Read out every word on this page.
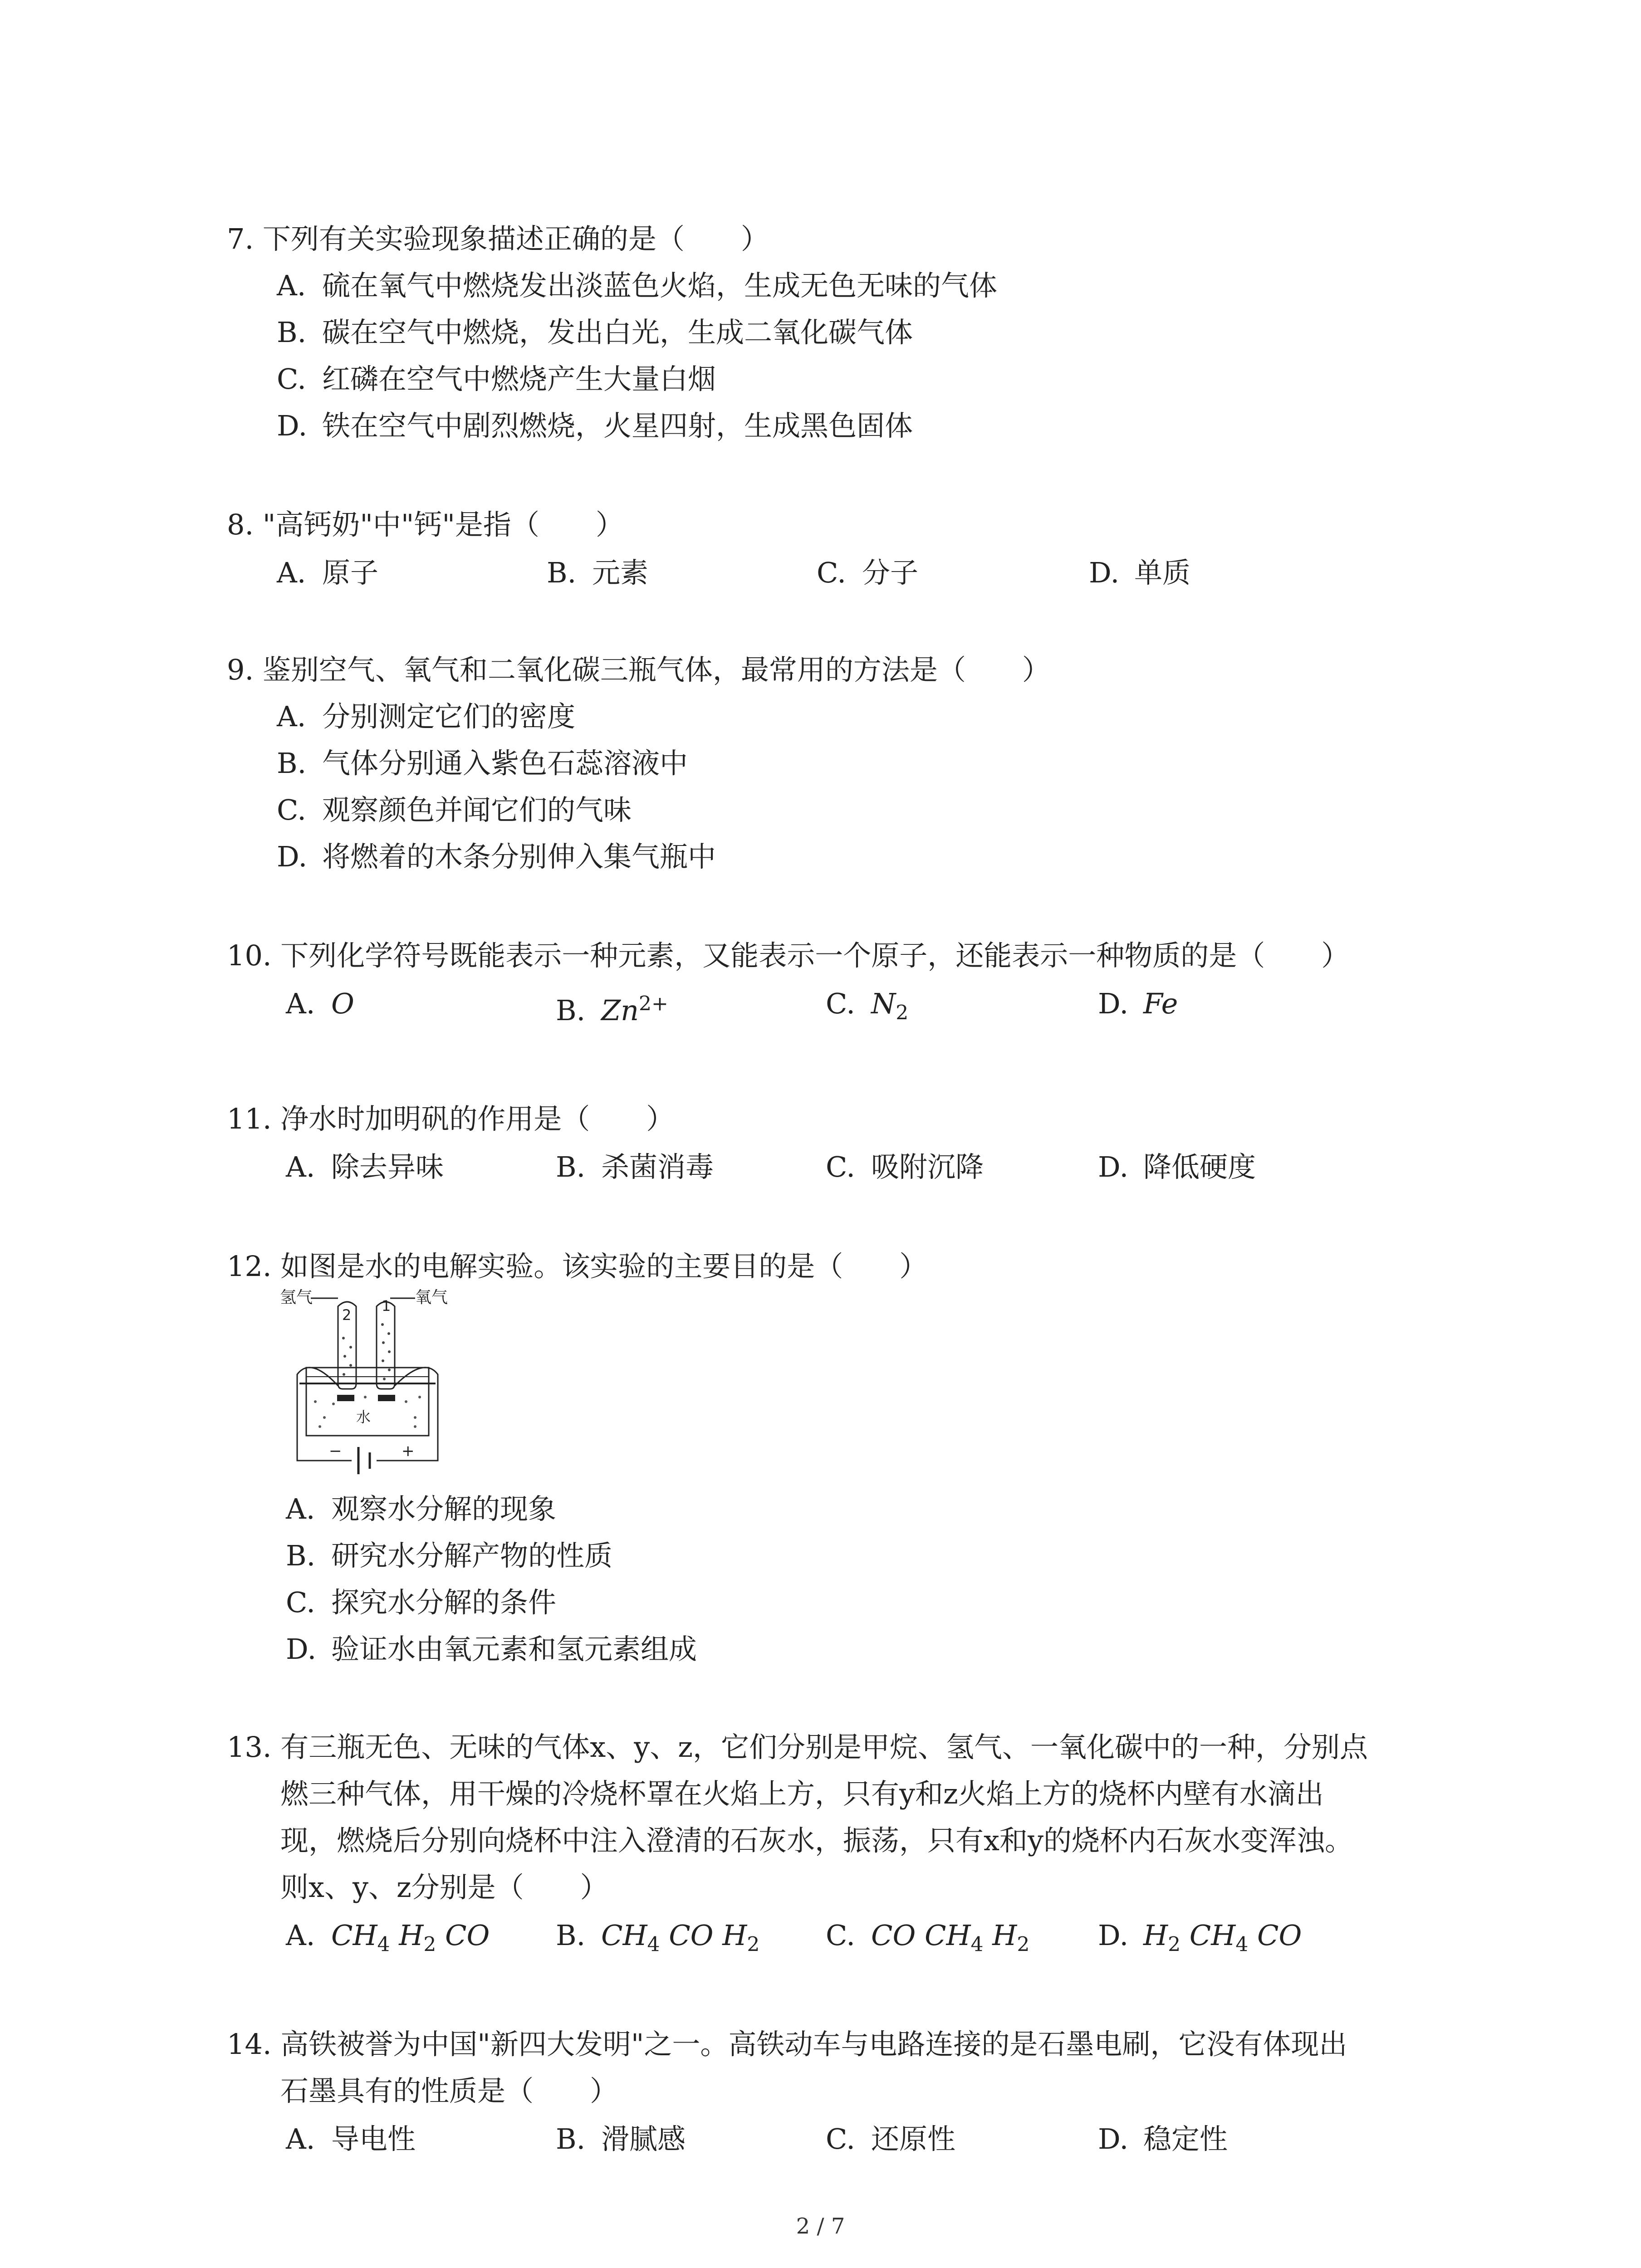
7. 下列有关实验现象描述正确的是（　　）
A. 硫在氧气中燃烧发出淡蓝色火焰，生成无色无味的气体
B. 碳在空气中燃烧，发出白光，生成二氧化碳气体
C. 红磷在空气中燃烧产生大量白烟
D. 铁在空气中剧烈燃烧，火星四射，生成黑色固体
8. "高钙奶"中"钙"是指（　　）
A. 原子	B. 元素	C. 分子	D. 单质
9. 鉴别空气、氧气和二氧化碳三瓶气体，最常用的方法是（　　）
A. 分别测定它们的密度
B. 气体分别通入紫色石蕊溶液中
C. 观察颜色并闻它们的气味
D. 将燃着的木条分别伸入集气瓶中
10. 下列化学符号既能表示一种元素，又能表示一个原子，还能表示一种物质的是（　　）
A. O	B. $Zn^{2+}$	C. $N_2$	D. Fe
11. 净水时加明矾的作用是（　　）
A. 除去异味	B. 杀菌消毒	C. 吸附沉降	D. 降低硬度
12. 如图是水的电解实验。该实验的主要目的是（　　）
氢气	氧气
2
1
水
−	+
A. 观察水分解的现象
B. 研究水分解产物的性质
C. 探究水分解的条件
D. 验证水由氧元素和氢元素组成
13. 有三瓶无色、无味的气体x、y、z，它们分别是甲烷、氢气、一氧化碳中的一种，分别点
燃三种气体，用干燥的冷烧杯罩在火焰上方，只有y和z火焰上方的烧杯内壁有水滴出
现，燃烧后分别向烧杯中注入澄清的石灰水，振荡，只有x和y的烧杯内石灰水变浑浊。
则x、y、z分别是（　　）
A. $CH_4$ $H_2$ CO B. $CH_4$ CO $H_2$ C. CO $CH_4$ $H_2$ D. $H_2$ $CH_4$ CO
14. 高铁被誉为中国"新四大发明"之一。高铁动车与电路连接的是石墨电刷，它没有体现出
石墨具有的性质是（　　）
A. 导电性	B. 滑腻感	C. 还原性	D. 稳定性
2 / 7
